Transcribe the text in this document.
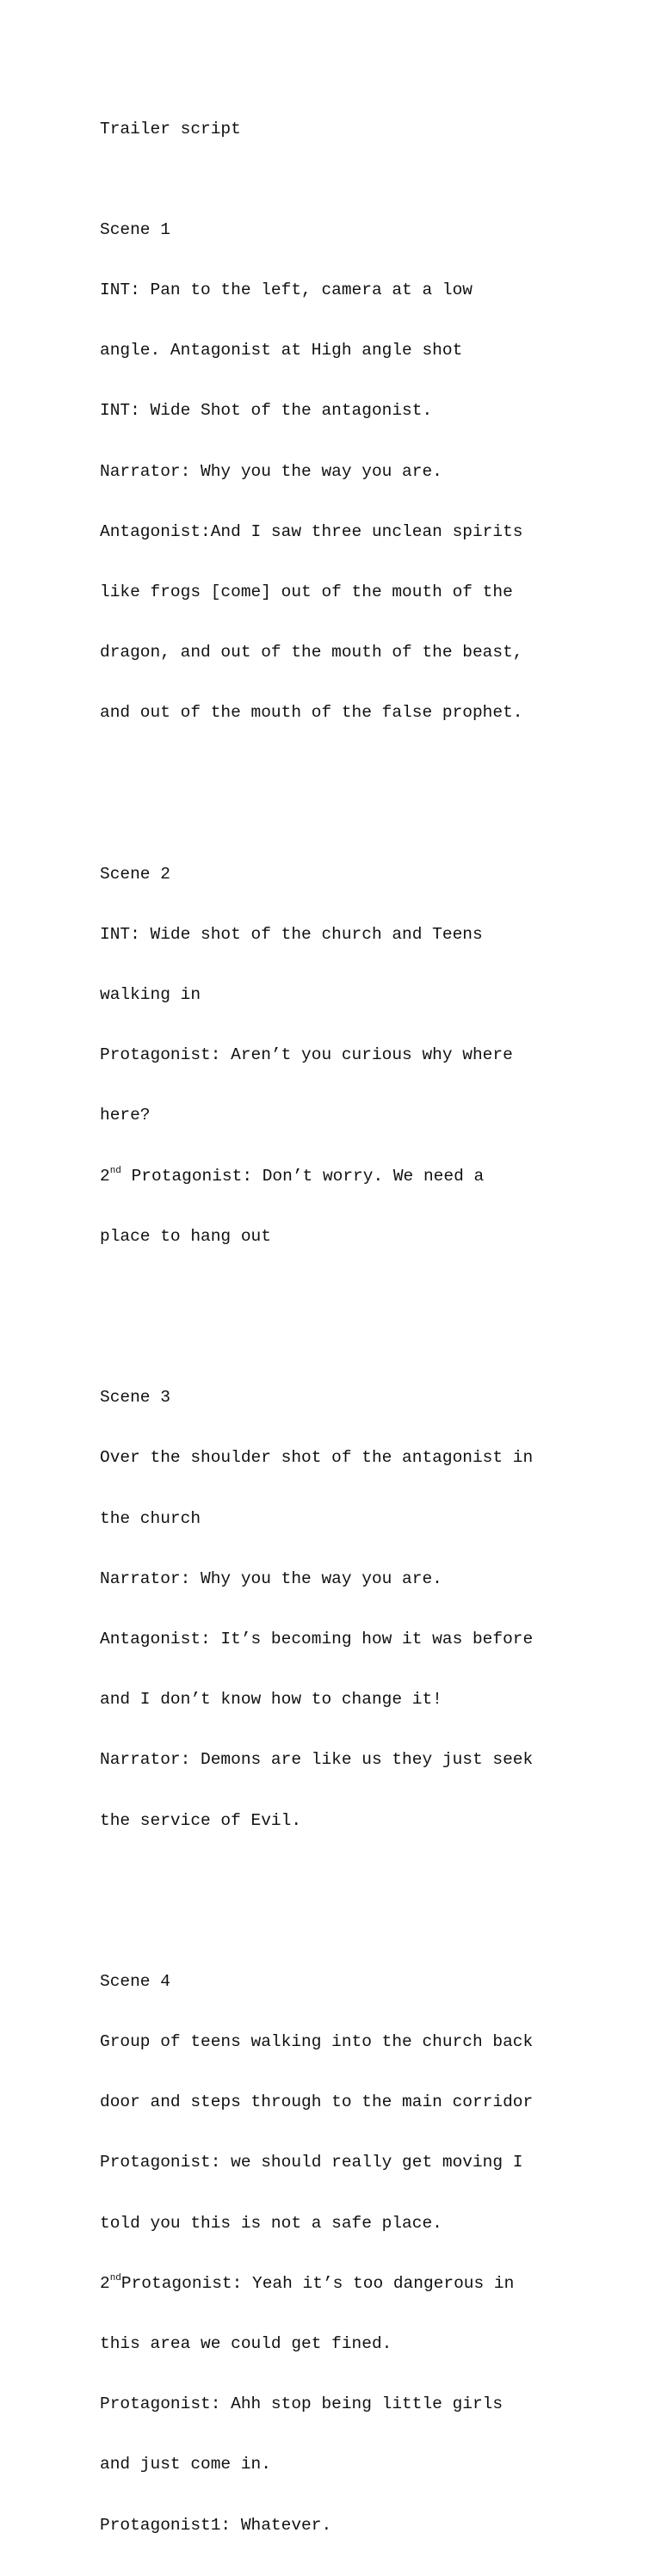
Trailer script

Scene 1

INT: Pan to the left, camera at a low

angle. Antagonist at High angle shot

INT: Wide Shot of the antagonist.

Narrator: Why you the way you are.

Antagonist:And I saw three unclean spirits

like frogs [come] out of the mouth of the

dragon, and out of the mouth of the beast,

and out of the mouth of the false prophet.

Scene 2

INT: Wide shot of the church and Teens

walking in

Protagonist: Aren’t you curious why where

here?

2nd Protagonist: Don’t worry. We need a

place to hang out

Scene 3

Over the shoulder shot of the antagonist in

the church

Narrator: Why you the way you are.

Antagonist: It’s becoming how it was before

and I don’t know how to change it!

Narrator: Demons are like us they just seek

the service of Evil.

Scene 4

Group of teens walking into the church back

door and steps through to the main corridor

Protagonist: we should really get moving I

told you this is not a safe place.

2ndProtagonist: Yeah it’s too dangerous in

this area we could get fined.

Protagonist: Ahh stop being little girls

and just come in.

Protagonist1: Whatever.
